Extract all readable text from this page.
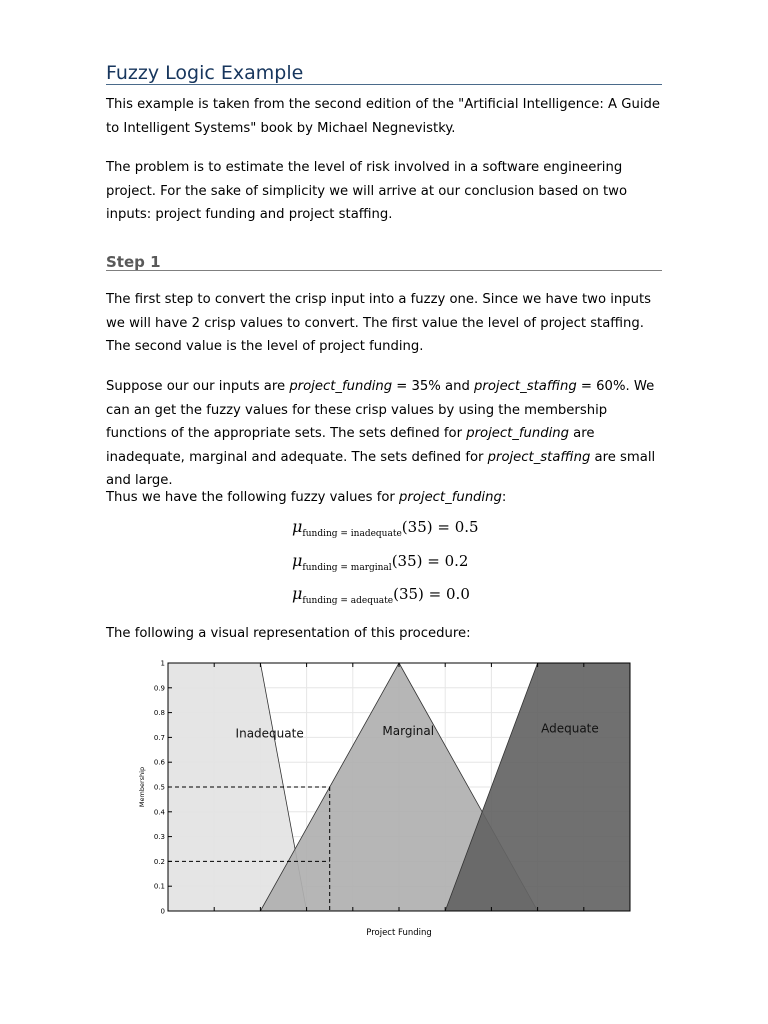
Fuzzy Logic Example

This example is taken from the second edition of the "Artificial Intelligence: A Guide to Intelligent Systems" book by Michael Negnevistky.

The problem is to estimate the level of risk involved in a software engineering project. For the sake of simplicity we will arrive at our conclusion based on two inputs: project funding and project staffing.

Step 1

The first step to convert the crisp input into a fuzzy one. Since we have two inputs we will have 2 crisp values to convert. The first value the level of project staffing. The second value is the level of project funding.

Suppose our our inputs are project_funding = 35% and project_staffing = 60%. We can an get the fuzzy values for these crisp values by using the membership functions of the appropriate sets. The sets defined for project_funding are inadequate, marginal and adequate. The sets defined for project_staffing are small and large.

Thus we have the following fuzzy values for project_funding:

$\mu_{funding = inadequate}(35) = 0.5$
$\mu_{funding = marginal}(35) = 0.2$
$\mu_{funding = adequate}(35) = 0.0$

The following a visual representation of this procedure:

Inadequate	Marginal	Adequate
0
0.1
0.2
0.3
0.4
0.5
0.6
0.7
0.8
0.9
1
Project Funding
Membership
